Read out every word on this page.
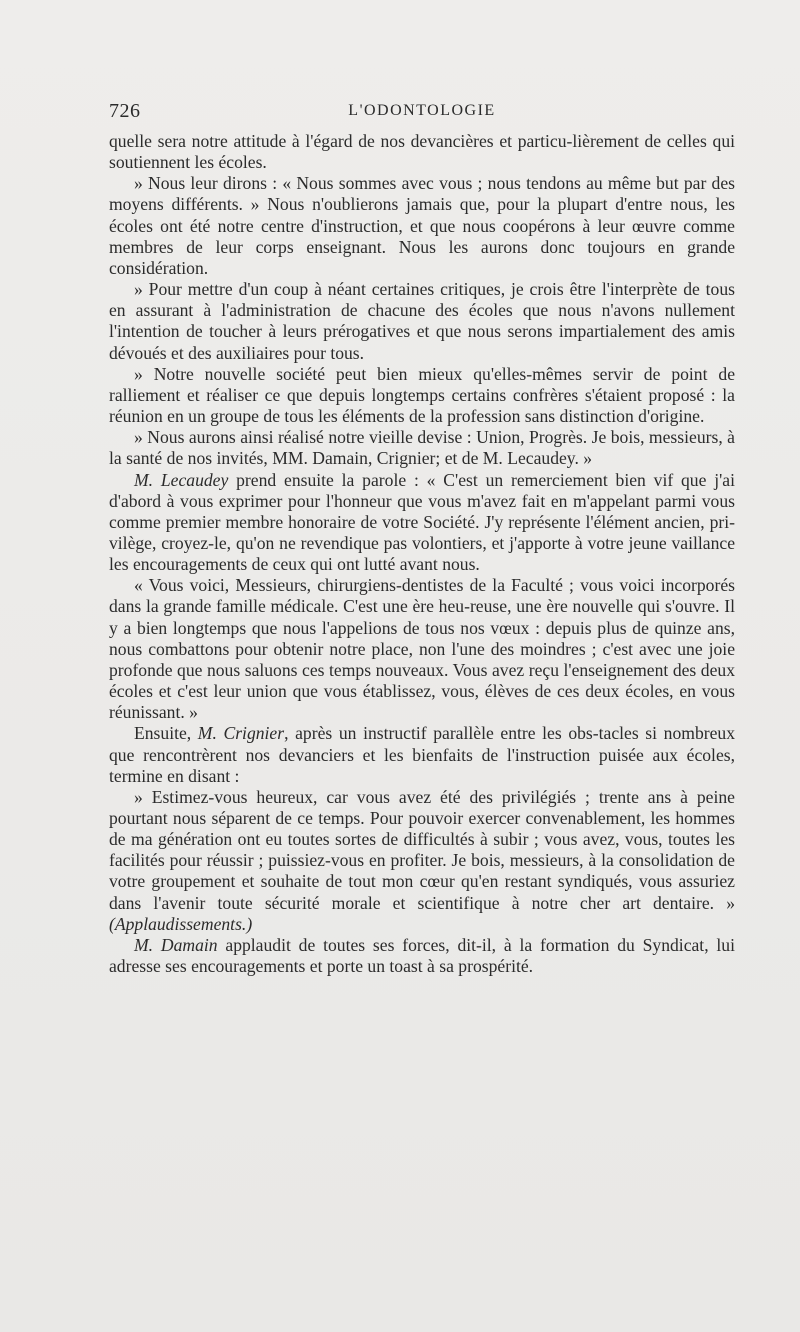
726	L'ODONTOLOGIE

quelle sera notre attitude à l'égard de nos devancières et particu-lièrement de celles qui soutiennent les écoles.

» Nous leur dirons : « Nous sommes avec vous ; nous tendons au même but par des moyens différents. » Nous n'oublierons jamais que, pour la plupart d'entre nous, les écoles ont été notre centre d'instruction, et que nous coopérons à leur œuvre comme membres de leur corps enseignant. Nous les aurons donc toujours en grande considération.

» Pour mettre d'un coup à néant certaines critiques, je crois être l'interprète de tous en assurant à l'administration de chacune des écoles que nous n'avons nullement l'intention de toucher à leurs prérogatives et que nous serons impartialement des amis dévoués et des auxiliaires pour tous.

» Notre nouvelle société peut bien mieux qu'elles-mêmes servir de point de ralliement et réaliser ce que depuis longtemps certains confrères s'étaient proposé : la réunion en un groupe de tous les éléments de la profession sans distinction d'origine.

» Nous aurons ainsi réalisé notre vieille devise : Union, Progrès. Je bois, messieurs, à la santé de nos invités, MM. Damain, Crignier; et de M. Lecaudey. »

M. Lecaudey prend ensuite la parole : « C'est un remerciement bien vif que j'ai d'abord à vous exprimer pour l'honneur que vous m'avez fait en m'appelant parmi vous comme premier membre honoraire de votre Société. J'y représente l'élément ancien, pri-vilège, croyez-le, qu'on ne revendique pas volontiers, et j'apporte à votre jeune vaillance les encouragements de ceux qui ont lutté avant nous.

« Vous voici, Messieurs, chirurgiens-dentistes de la Faculté ; vous voici incorporés dans la grande famille médicale. C'est une ère heu-reuse, une ère nouvelle qui s'ouvre. Il y a bien longtemps que nous l'appelions de tous nos vœux : depuis plus de quinze ans, nous combattons pour obtenir notre place, non l'une des moindres ; c'est avec une joie profonde que nous saluons ces temps nouveaux. Vous avez reçu l'enseignement des deux écoles et c'est leur union que vous établissez, vous, élèves de ces deux écoles, en vous réunissant. »

Ensuite, M. Crignier, après un instructif parallèle entre les obs-tacles si nombreux que rencontrèrent nos devanciers et les bienfaits de l'instruction puisée aux écoles, termine en disant :

» Estimez-vous heureux, car vous avez été des privilégiés ; trente ans à peine pourtant nous séparent de ce temps. Pour pouvoir exercer convenablement, les hommes de ma génération ont eu toutes sortes de difficultés à subir ; vous avez, vous, toutes les facilités pour réussir ; puissiez-vous en profiter. Je bois, messieurs, à la consolidation de votre groupement et souhaite de tout mon cœur qu'en restant syndiqués, vous assuriez dans l'avenir toute sécurité morale et scientifique à notre cher art dentaire. » (Applaudissements.)

M. Damain applaudit de toutes ses forces, dit-il, à la formation du Syndicat, lui adresse ses encouragements et porte un toast à sa prospérité.
